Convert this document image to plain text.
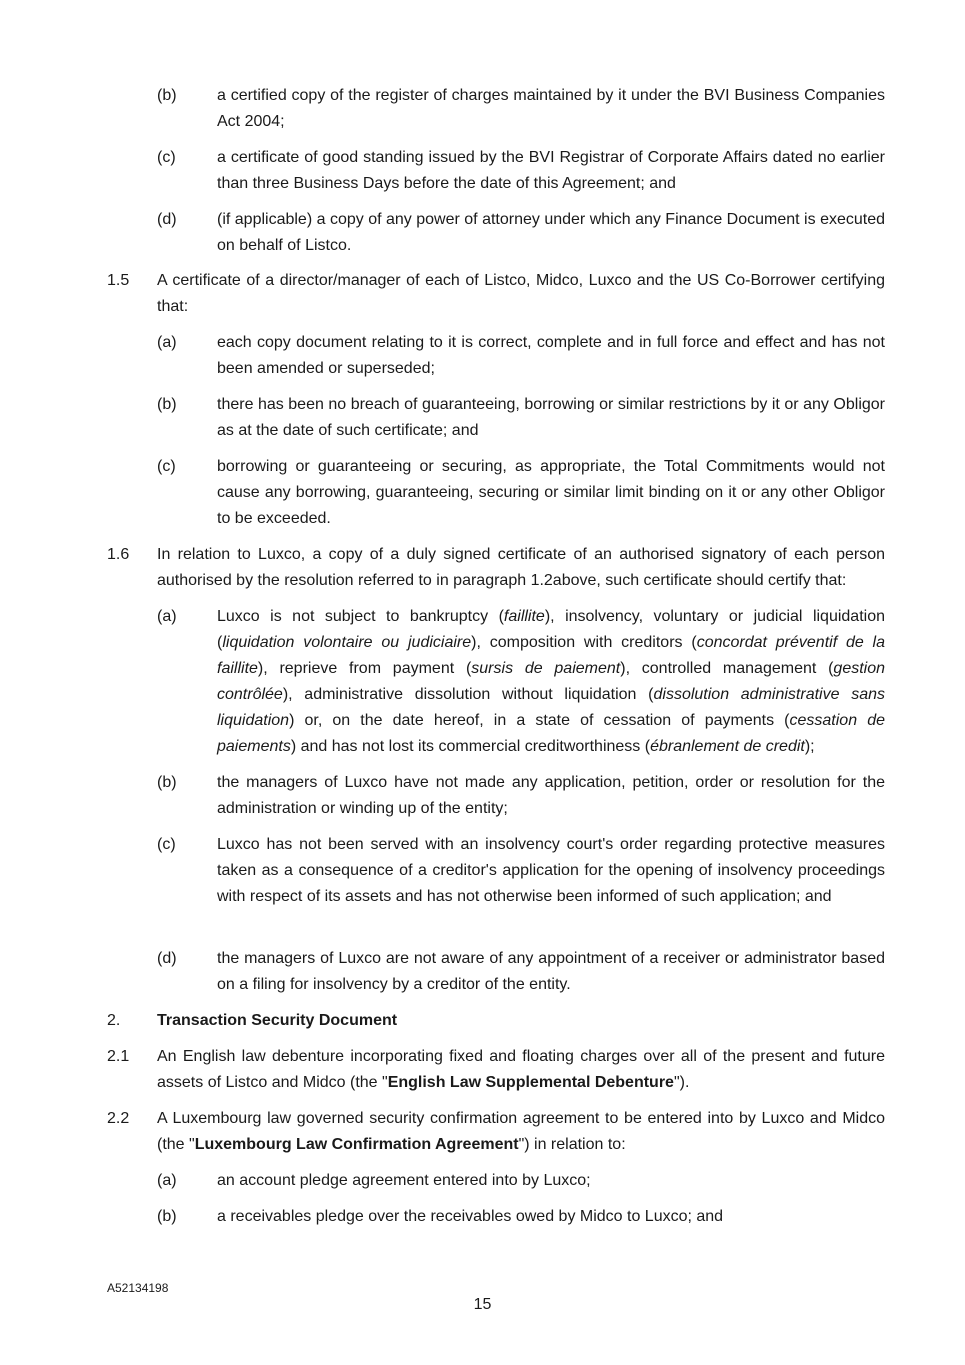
(b)	a certified copy of the register of charges maintained by it under the BVI Business Companies Act 2004;
(c)	a certificate of good standing issued by the BVI Registrar of Corporate Affairs dated no earlier than three Business Days before the date of this Agreement; and
(d)	(if applicable) a copy of any power of attorney under which any Finance Document is executed on behalf of Listco.
1.5	A certificate of a director/manager of each of Listco, Midco, Luxco and the US Co-Borrower certifying that:
(a)	each copy document relating to it is correct, complete and in full force and effect and has not been amended or superseded;
(b)	there has been no breach of guaranteeing, borrowing or similar restrictions by it or any Obligor as at the date of such certificate; and
(c)	borrowing or guaranteeing or securing, as appropriate, the Total Commitments would not cause any borrowing, guaranteeing, securing or similar limit binding on it or any other Obligor to be exceeded.
1.6	In relation to Luxco, a copy of a duly signed certificate of an authorised signatory of each person authorised by the resolution referred to in paragraph 1.2above, such certificate should certify that:
(a)	Luxco is not subject to bankruptcy (faillite), insolvency, voluntary or judicial liquidation (liquidation volontaire ou judiciaire), composition with creditors (concordat préventif de la faillite), reprieve from payment (sursis de paiement), controlled management (gestion contrôlée), administrative dissolution without liquidation (dissolution administrative sans liquidation) or, on the date hereof, in a state of cessation of payments (cessation de paiements) and has not lost its commercial creditworthiness (ébranlement de credit);
(b)	the managers of Luxco have not made any application, petition, order or resolution for the administration or winding up of the entity;
(c)	Luxco has not been served with an insolvency court's order regarding protective measures taken as a consequence of a creditor's application for the opening of insolvency proceedings with respect of its assets and has not otherwise been informed of such application; and
(d)	the managers of Luxco are not aware of any appointment of a receiver or administrator based on a filing for insolvency by a creditor of the entity.
2.	Transaction Security Document
2.1	An English law debenture incorporating fixed and floating charges over all of the present and future assets of Listco and Midco (the "English Law Supplemental Debenture").
2.2	A Luxembourg law governed security confirmation agreement to be entered into by Luxco and Midco (the "Luxembourg Law Confirmation Agreement") in relation to:
(a)	an account pledge agreement entered into by Luxco;
(b)	a receivables pledge over the receivables owed by Midco to Luxco; and
A52134198
15
